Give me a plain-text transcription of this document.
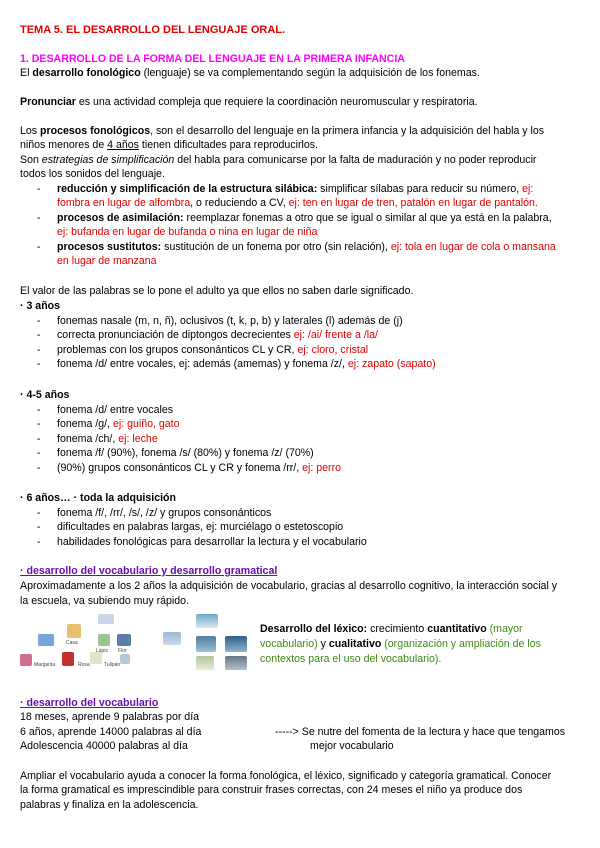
TEMA 5. EL DESARROLLO DEL LENGUAJE ORAL.
1. DESARROLLO DE LA FORMA DEL LENGUAJE EN LA PRIMERA INFANCIA
El desarrollo fonológico (lenguaje) se va complementando según la adquisición de los fonemas.
Pronunciar es una actividad compleja que requiere la coordinación neuromuscular y respiratoria.
Los procesos fonológicos, son el desarrollo del lenguaje en la primera infancia y la adquisición del habla y los
niños menores de 4 años tienen dificultades para reproducirlos.
Son estrategias de simplificación del habla para comunicarse por la falta de maduración y no poder reproducir
todos los sonidos del lenguaje.
- reducción y simplificación de la estructura silábica: simplificar sílabas para reducir su número, ej:
fombra en lugar de alfombra, o reduciendo a CV, ej: ten en lugar de tren, patalón en lugar de pantalón.
- procesos de asimilación: reemplazar fonemas a otro que se igual o similar al que ya está en la palabra,
ej: bufanda en lugar de bufanda o nina en lugar de niña
- procesos sustitutos: sustitución de un fonema por otro (sin relación), ej: tola en lugar de cola o mansana
en lugar de manzana
El valor de las palabras se lo pone el adulto ya que ellos no saben darle significado.
· 3 años
- fonemas nasale (m, n, ñ), oclusivos (t, k, p, b) y laterales (l) además de (j)
- correcta pronunciación de diptongos decrecientes ej: /ai/ frente a /la/
- problemas con los grupos consonánticos CL y CR, ej: cloro, cristal
- fonema /d/ entre vocales, ej: además (amemas) y fonema /z/, ej: zapato (sapato)
· 4-5 años
- fonema /d/ entre vocales
- fonema /g/, ej: guiño, gato
- fonema /ch/, ej: leche
- fonema /f/ (90%), fonema /s/ (80%) y fonema /z/ (70%)
- (90%) grupos consonánticos CL y CR y fonema /rr/, ej: perro
· 6 años… · toda la adquisición
- fonema /f/, /rr/, /s/, /z/ y grupos consonánticos
- dificultades en palabras largas, ej: murciélago o estetoscopio
- habilidades fonológicas para desarrollar la lectura y el vocabulario
· desarrollo del vocabulario y desarrollo gramatical
Aproximadamente a los 2 años la adquisición de vocabulario, gracias al desarrollo cognitivo, la interacción social y
la escuela, va subiendo muy rápido.
Casa
Lápiz Flor
Margarita	Rosa	Tulipán
Desarrollo del léxico: crecimiento cuantitativo (mayor
vocabulario) y cualitativo (organización y ampliación de los
contextos para el uso del vocabulario).
· desarrollo del vocabulario
18 meses, aprende 9 palabras por día
6 años, aprende 14000 palabras al día
Adolescencia 40000 palabras al día
-----> Se nutre del fomenta de la lectura y hace que tengamos
mejor vocabulario
Ampliar el vocabulario ayuda a conocer la forma fonológica, el léxico, significado y categoría gramatical. Conocer
la forma gramatical es imprescindible para construir frases correctas, con 24 meses el niño ya produce dos
palabras y finaliza en la adolescencia.
